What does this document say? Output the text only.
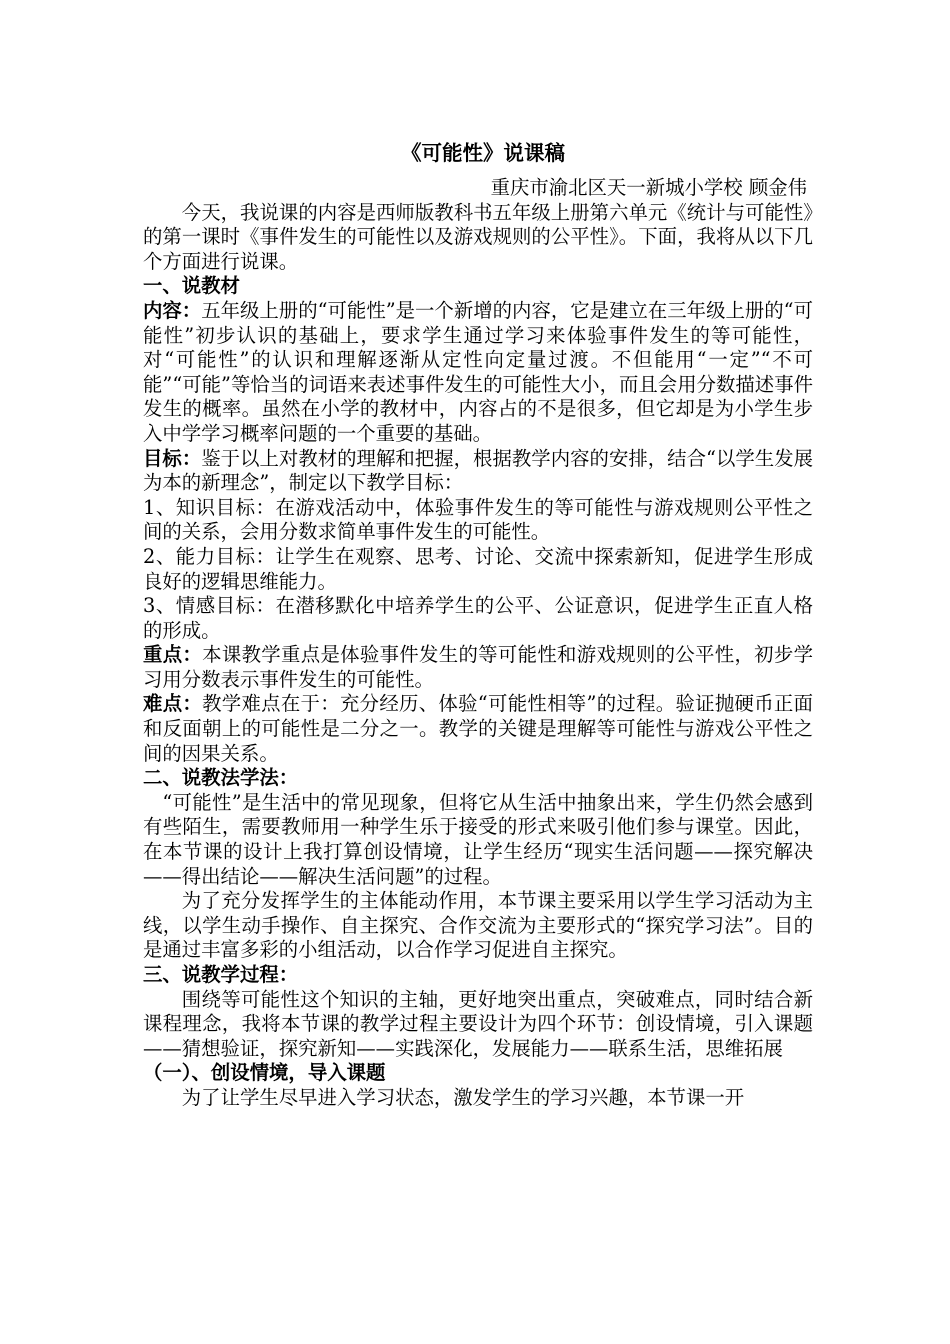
《可能性》说课稿

重庆市渝北区天一新城小学校 顾金伟

今天，我说课的内容是西师版教科书五年级上册第六单元《统计与可能性》的第一课时《事件发生的可能性以及游戏规则的公平性》。下面，我将从以下几个方面进行说课。

一、说教材

内容：五年级上册的“可能性”是一个新增的内容，它是建立在三年级上册的“可能性”初步认识的基础上，要求学生通过学习来体验事件发生的等可能性，对“可能性”的认识和理解逐渐从定性向定量过渡。不但能用“一定”“不可能”“可能”等恰当的词语来表述事件发生的可能性大小，而且会用分数描述事件发生的概率。虽然在小学的教材中，内容占的不是很多，但它却是为小学生步入中学学习概率问题的一个重要的基础。

目标：鉴于以上对教材的理解和把握，根据教学内容的安排，结合“以学生发展为本的新理念”，制定以下教学目标：

1、知识目标：在游戏活动中，体验事件发生的等可能性与游戏规则公平性之间的关系，会用分数求简单事件发生的可能性。

2、能力目标：让学生在观察、思考、讨论、交流中探索新知，促进学生形成良好的逻辑思维能力。

3、情感目标：在潜移默化中培养学生的公平、公证意识，促进学生正直人格的形成。

重点：本课教学重点是体验事件发生的等可能性和游戏规则的公平性，初步学习用分数表示事件发生的可能性。

难点：教学难点在于：充分经历、体验“可能性相等”的过程。验证抛硬币正面和反面朝上的可能性是二分之一。教学的关键是理解等可能性与游戏公平性之间的因果关系。

二、说教法学法：

“可能性”是生活中的常见现象，但将它从生活中抽象出来，学生仍然会感到有些陌生，需要教师用一种学生乐于接受的形式来吸引他们参与课堂。因此，在本节课的设计上我打算创设情境，让学生经历“现实生活问题——探究解决——得出结论——解决生活问题”的过程。

为了充分发挥学生的主体能动作用，本节课主要采用以学生学习活动为主线，以学生动手操作、自主探究、合作交流为主要形式的“探究学习法”。目的是通过丰富多彩的小组活动，以合作学习促进自主探究。

三、说教学过程：

围绕等可能性这个知识的主轴，更好地突出重点，突破难点，同时结合新课程理念，我将本节课的教学过程主要设计为四个环节：创设情境，引入课题——猜想验证，探究新知——实践深化，发展能力——联系生活，思维拓展

（一）、创设情境，导入课题

为了让学生尽早进入学习状态，激发学生的学习兴趣，本节课一开
